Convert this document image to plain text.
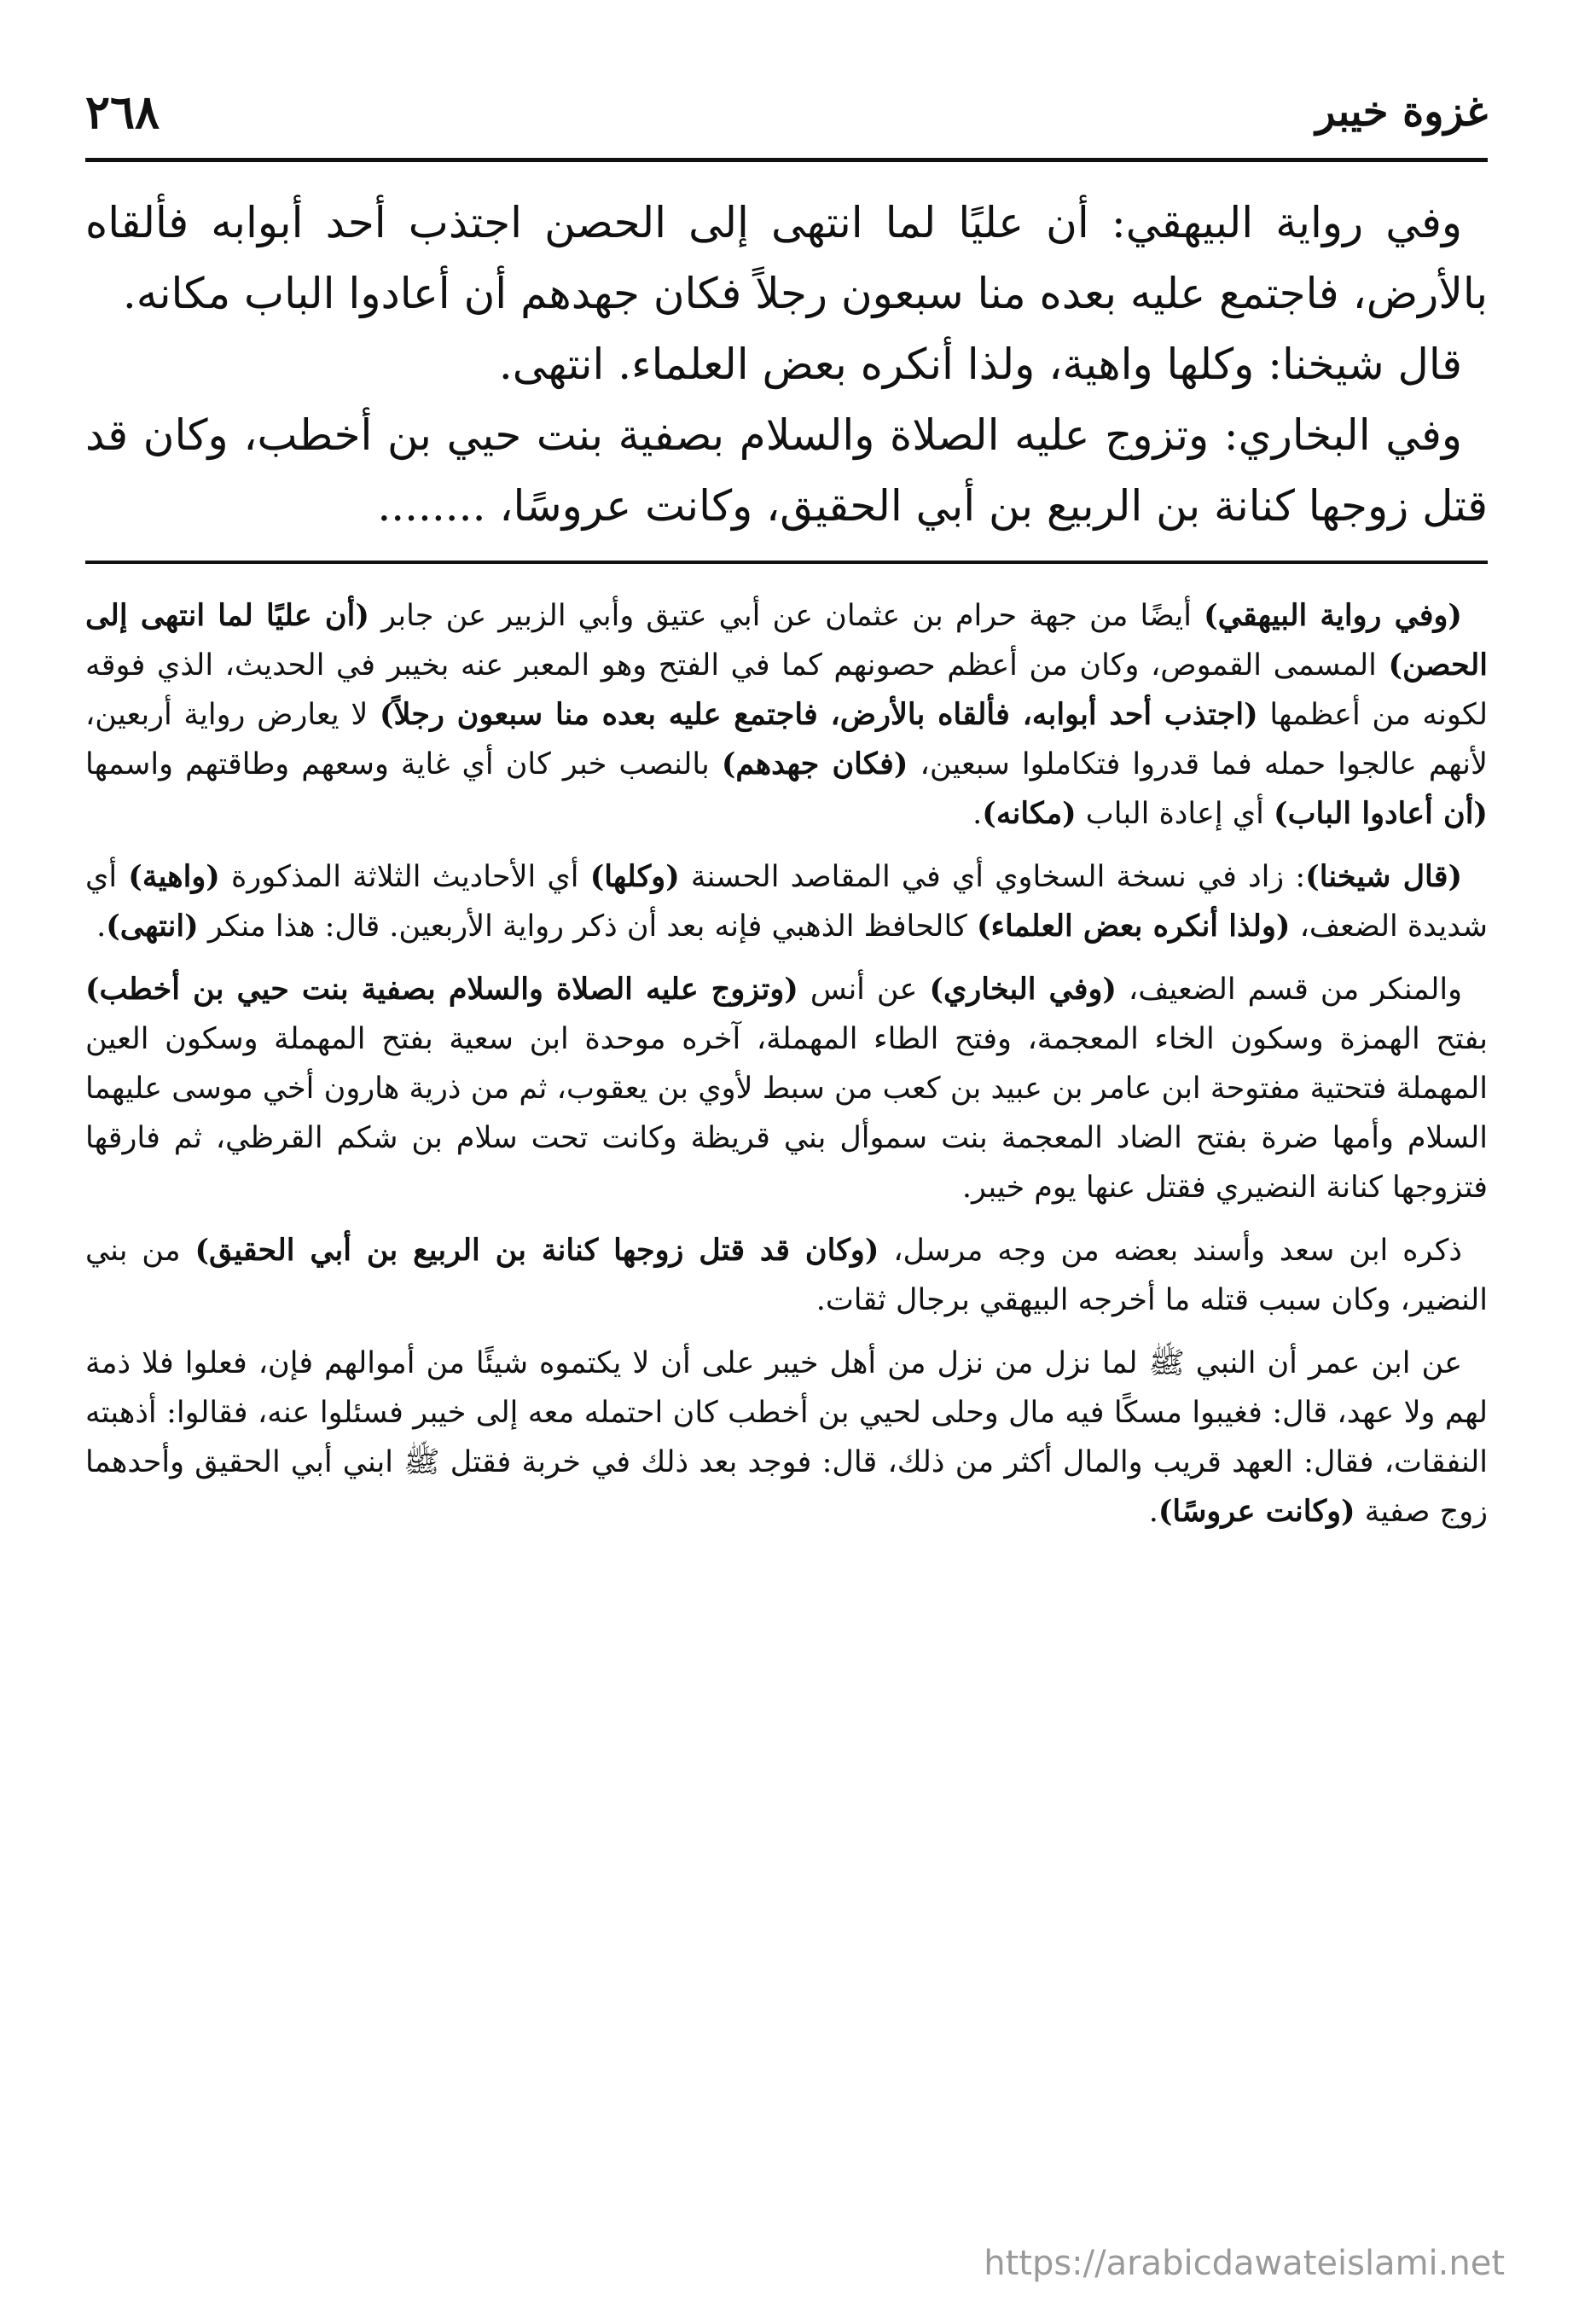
٢٦٨	غزوة خيبر

وفي رواية البيهقي: أن عليًا لما انتهى إلى الحصن اجتذب أحد أبوابه فألقاه بالأرض، فاجتمع عليه بعده منا سبعون رجلاً فكان جهدهم أن أعادوا الباب مكانه.

قال شيخنا: وكلها واهية، ولذا أنكره بعض العلماء. انتهى.

وفي البخاري: وتزوج عليه الصلاة والسلام بصفية بنت حيي بن أخطب، وكان قد قتل زوجها كنانة بن الربيع بن أبي الحقيق، وكانت عروسًا، ........

(وفي رواية البيهقي) أيضًا من جهة حرام بن عثمان عن أبي عتيق وأبي الزبير عن جابر (أن عليًا لما انتهى إلى الحصن) المسمى القموص، وكان من أعظم حصونهم كما في الفتح وهو المعبر عنه بخيبر في الحديث، الذي فوقه لكونه من أعظمها (اجتذب أحد أبوابه، فألقاه بالأرض، فاجتمع عليه بعده منا سبعون رجلاً) لا يعارض رواية أربعين، لأنهم عالجوا حمله فما قدروا فتكاملوا سبعين، (فكان جهدهم) بالنصب خبر كان أي غاية وسعهم وطاقتهم واسمها (أن أعادوا الباب) أي إعادة الباب (مكانه).

(قال شيخنا): زاد في نسخة السخاوي أي في المقاصد الحسنة (وكلها) أي الأحاديث الثلاثة المذكورة (واهية) أي شديدة الضعف، (ولذا أنكره بعض العلماء) كالحافظ الذهبي فإنه بعد أن ذكر رواية الأربعين. قال: هذا منكر (انتهى).

والمنكر من قسم الضعيف، (وفي البخاري) عن أنس (وتزوج عليه الصلاة والسلام بصفية بنت حيي بن أخطب) بفتح الهمزة وسكون الخاء المعجمة، وفتح الطاء المهملة، آخره موحدة ابن سعية بفتح المهملة وسكون العين المهملة فتحتية مفتوحة ابن عامر بن عبيد بن كعب من سبط لأوي بن يعقوب، ثم من ذرية هارون أخي موسى عليهما السلام وأمها ضرة بفتح الضاد المعجمة بنت سموأل بني قريظة وكانت تحت سلام بن شكم القرظي، ثم فارقها فتزوجها كنانة النضيري فقتل عنها يوم خيبر.

ذكره ابن سعد وأسند بعضه من وجه مرسل، (وكان قد قتل زوجها كنانة بن الربيع بن أبي الحقيق) من بني النضير، وكان سبب قتله ما أخرجه البيهقي برجال ثقات.

عن ابن عمر أن النبي ﷺ لما نزل من نزل من أهل خيبر على أن لا يكتموه شيئًا من أموالهم فإن، فعلوا فلا ذمة لهم ولا عهد، قال: فغيبوا مسكًا فيه مال وحلى لحيي بن أخطب كان احتمله معه إلى خيبر فسئلوا عنه، فقالوا: أذهبته النفقات، فقال: العهد قريب والمال أكثر من ذلك، قال: فوجد بعد ذلك في خربة فقتل ﷺ ابني أبي الحقيق وأحدهما زوج صفية (وكانت عروسًا).

https://arabicdawateislami.net
